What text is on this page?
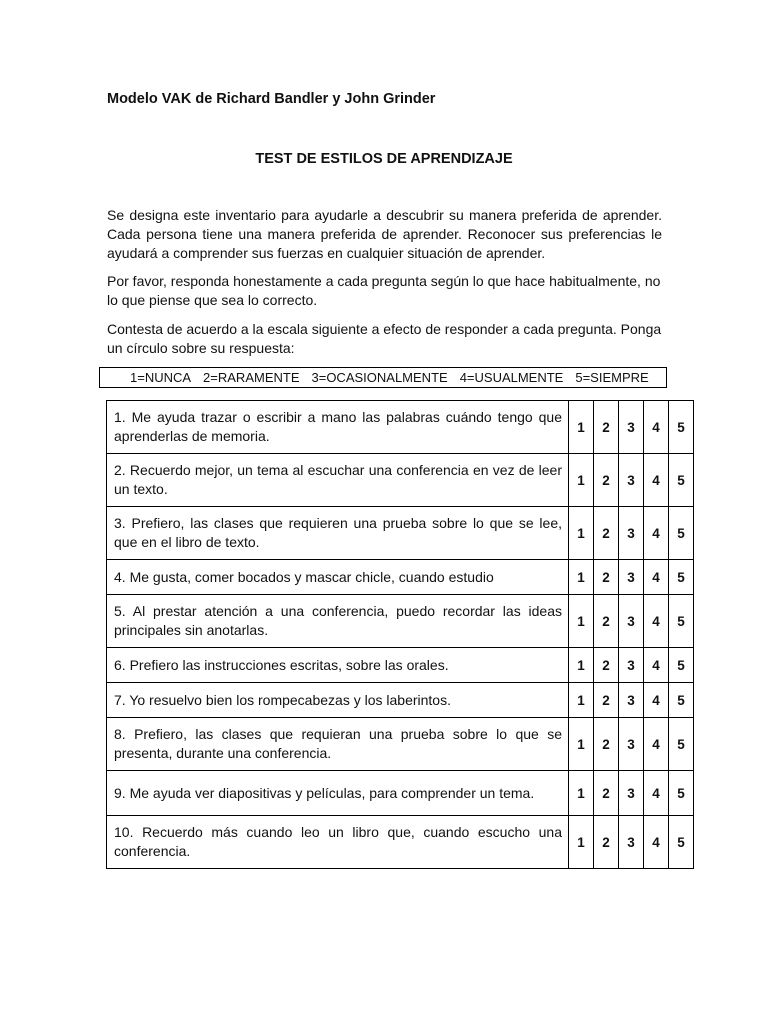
Modelo VAK de Richard Bandler y John Grinder
TEST DE ESTILOS DE APRENDIZAJE
Se designa este inventario para ayudarle a descubrir su manera preferida de aprender. Cada persona tiene una manera preferida de aprender. Reconocer sus preferencias le ayudará a comprender sus fuerzas en cualquier situación de aprender.
Por favor, responda honestamente a cada pregunta según lo que hace habitualmente, no lo que piense que sea lo correcto.
Contesta de acuerdo a la escala siguiente a efecto de responder a cada pregunta. Ponga un círculo sobre su respuesta:
1=NUNCA 2=RARAMENTE 3=OCASIONALMENTE 4=USUALMENTE 5=SIEMPRE
1. Me ayuda trazar o escribir a mano las palabras cuándo tengo que aprenderlas de memoria.	1	2	3	4	5
2. Recuerdo mejor, un tema al escuchar una conferencia en vez de leer un texto.	1	2	3	4	5
3. Prefiero, las clases que requieren una prueba sobre lo que se lee, que en el libro de texto.	1	2	3	4	5
4. Me gusta, comer bocados y mascar chicle, cuando estudio	1	2	3	4	5
5. Al prestar atención a una conferencia, puedo recordar las ideas principales sin anotarlas.	1	2	3	4	5
6. Prefiero las instrucciones escritas, sobre las orales.	1	2	3	4	5
7. Yo resuelvo bien los rompecabezas y los laberintos.	1	2	3	4	5
8. Prefiero, las clases que requieran una prueba sobre lo que se presenta, durante una conferencia.	1	2	3	4	5
9. Me ayuda ver diapositivas y películas, para comprender un tema.	1	2	3	4	5
10. Recuerdo más cuando leo un libro que, cuando escucho una conferencia.	1	2	3	4	5
